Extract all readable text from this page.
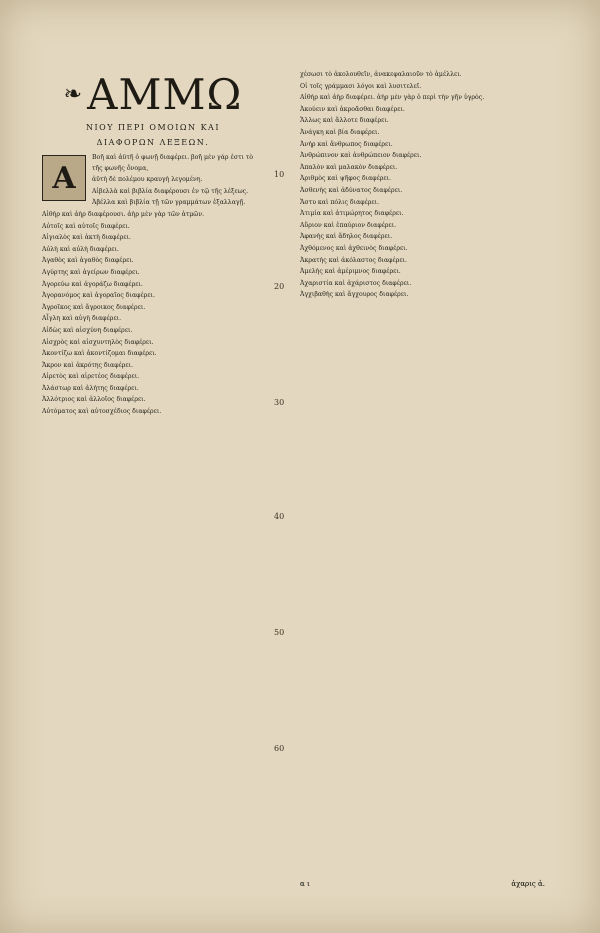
❧ ΑΜΜΩ
ΝΙΟΥ ΠΕΡΙ ΟΜΟΙΩΝ ΚΑΙ
ΔΙΑΦΟΡΩΝ ΛΕΞΕΩΝ.
Α

Βοῆ καὶ ἀϋτῆ ὁ φωνῇ διαφέρει. βοῆ μὲν γάρ ἐστι τὸ τῆς φωνῆς ὄνομα,

ἀϋτὴ δὲ πολέμου κραυγὴ λεγομένη.

Αἰβελλὰ καὶ βιβλία διαφέρουσι ἐν τῷ τῆς λέξεως.

Ἀβέλλα καὶ βιβλία τῇ τῶν γραμμάτων ἐξαλλαγῇ.

Αἰθὴρ καὶ ἀὴρ διαφέρουσι. ἀὴρ μὲν γὰρ τῶν ἀτμῶν.

Αὐτοῖς καὶ αὐτοῖς διαφέρει.

Αἰγιαλὸς καὶ ἀκτὴ διαφέρει.

Αὐλὴ καὶ αὐλὴ διαφέρει.

Ἀγαθὸς καὶ ἀγαθὸς διαφέρει.

Αγύρτης καὶ ἀγείρων διαφέρει.

Ἀγορεύω καὶ ἀγοράζω διαφέρει.

Ἀγορανόμος καὶ ἀγοραῖος διαφέρει.

Ἀγροῖκος καὶ ἄγροικος διαφέρει.

Αἶγλη καὶ αὐγὴ διαφέρει.

Αἰδὼς καὶ αἰσχύνη διαφέρει.

Αἰσχρὸς καὶ αἰσχυντηλὸς διαφέρει.

Ἀκοντίζω καὶ ἀκοντίζομαι διαφέρει.

Ἄκρον καὶ ἀκρότης διαφέρει.

Αἱρετὸς καὶ αἱρετέος διαφέρει.

Ἀλάστωρ καὶ ἀλήτης διαφέρει.

Ἀλλότριος καὶ ἀλλοῖος διαφέρει.

Αὐτόματος καὶ αὐτοσχέδιος διαφέρει.

χέσωσι τὸ ἀκολουθεῖν, ἀνακεφαλαιοῦν τὸ ἀμέλλει.

Οἱ τοῖς γράμμασι λόγοι καὶ λυσιτελεῖ.

Αἰθὴρ καὶ ἀὴρ διαφέρει. ἀὴρ μὲν γὰρ ὁ περὶ τὴν γῆν ὑγρὸς.

Ἀκούειν καὶ ἀκροᾶσθαι διαφέρει.

Ἄλλως καὶ ἄλλοτε διαφέρει.

Ἀνάγκη καὶ βία διαφέρει.

Ἀνήρ καὶ ἄνθρωπος διαφέρει.

Ἀνθρώπινον καὶ ἀνθρώπειον διαφέρει.

Ἀπαλὸν καὶ μαλακὸν διαφέρει.

Ἀριθμὸς καὶ ψῆφος διαφέρει.

Ἀσθενὴς καὶ ἀδύνατος διαφέρει.

Ἄστυ καὶ πόλις διαφέρει.

Ἀτιμία καὶ ἀτιμώρητος διαφέρει.

Αὔριον καὶ ἐπαύριον διαφέρει.

Ἀφανὴς καὶ ἄδηλος διαφέρει.

Ἀχθόμενος καὶ ἀχθεινὸς διαφέρει.

Ἀκρατὴς καὶ ἀκόλαστος διαφέρει.

Ἀμελὴς καὶ ἀμέριμνος διαφέρει.

Ἀχαριστία καὶ ἀχάριστος διαφέρει.

Ἀγχιβαθὴς καὶ ἄγχουρος διαφέρει.

10
20
30
40
50
60
α ι	ἀχαρις ἀ.
